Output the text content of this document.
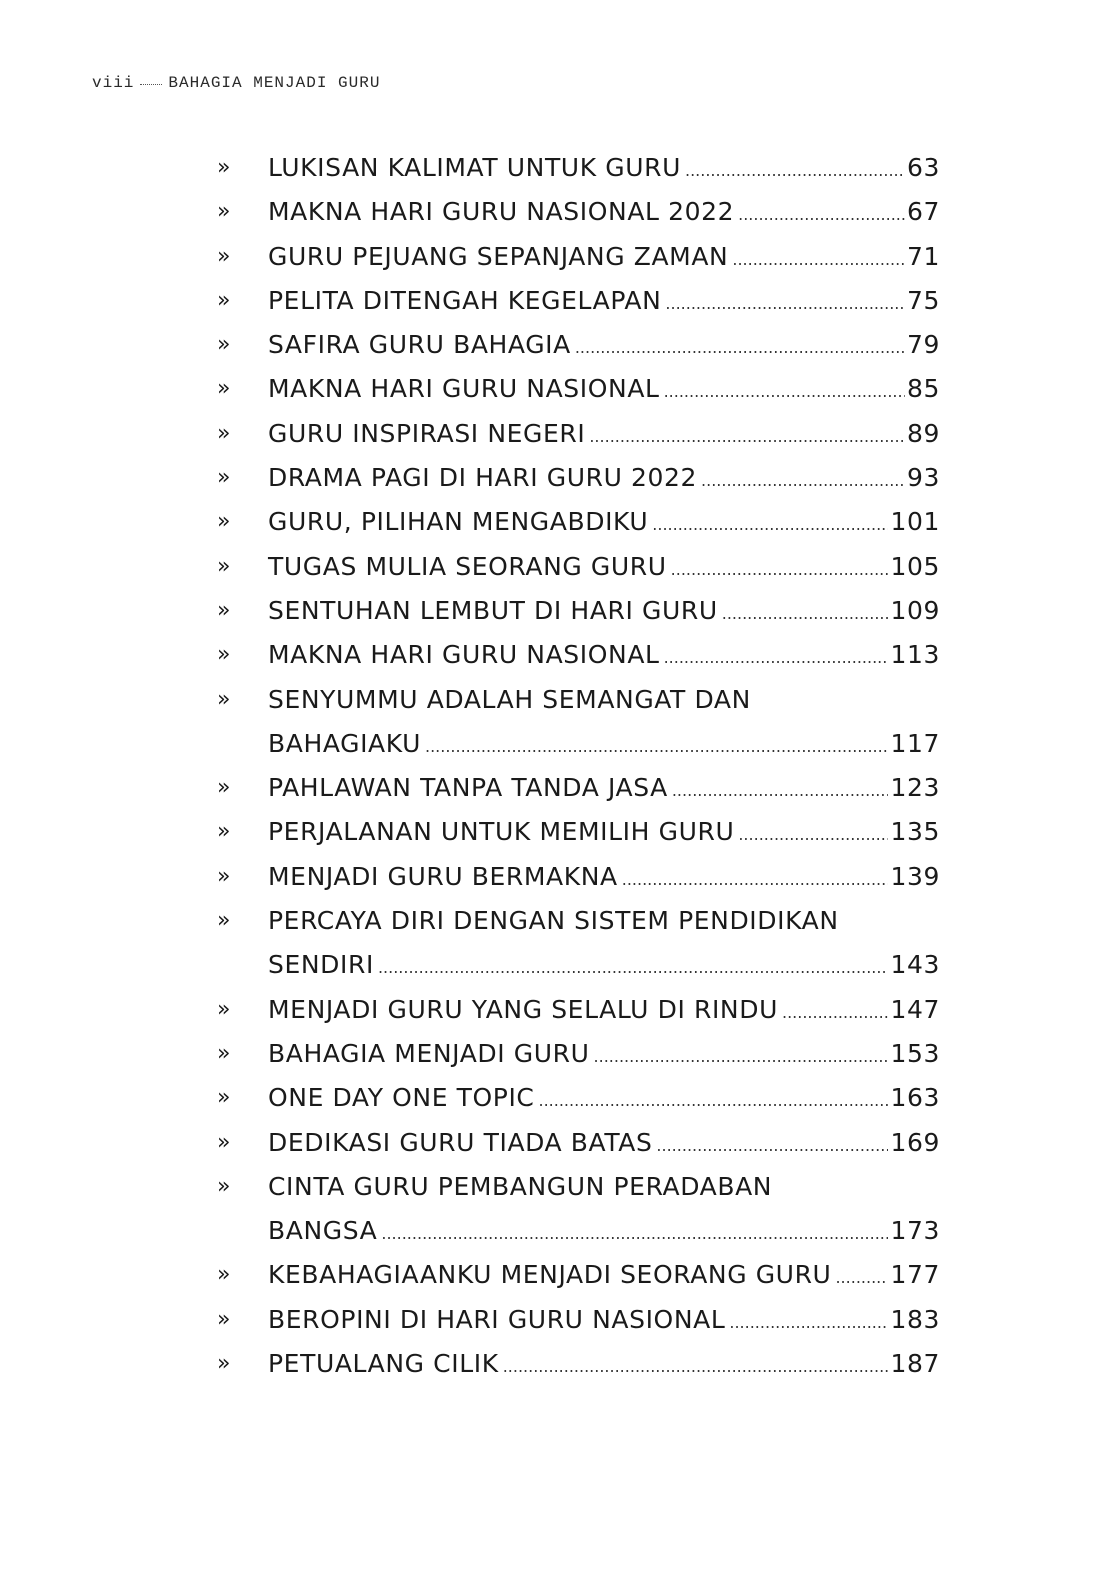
viii BAHAGIA MENJADI GURU
» LUKISAN KALIMAT UNTUK GURU .....	63
» MAKNA HARI GURU NASIONAL 2022 .....	67
» GURU PEJUANG SEPANJANG ZAMAN .....	71
» PELITA DITENGAH KEGELAPAN .....	75
» SAFIRA GURU BAHAGIA .....	79
» MAKNA HARI GURU NASIONAL .....	85
» GURU INSPIRASI NEGERI .....	89
» DRAMA PAGI DI HARI GURU 2022 .....	93
» GURU, PILIHAN MENGABDIKU .....	101
» TUGAS MULIA SEORANG GURU .....	105
» SENTUHAN LEMBUT DI HARI GURU .....	109
» MAKNA HARI GURU NASIONAL .....	113
» SENYUMMU ADALAH SEMANGAT DAN
BAHAGIAKU .....	117
» PAHLAWAN TANPA TANDA JASA .....	123
» PERJALANAN UNTUK MEMILIH GURU .....	135
» MENJADI GURU BERMAKNA .....	139
» PERCAYA DIRI DENGAN SISTEM PENDIDIKAN
SENDIRI .....	143
» MENJADI GURU YANG SELALU DI RINDU .....	147
» BAHAGIA MENJADI GURU .....	153
» ONE DAY ONE TOPIC .....	163
» DEDIKASI GURU TIADA BATAS .....	169
» CINTA GURU PEMBANGUN PERADABAN
BANGSA .....	173
» KEBAHAGIAANKU MENJADI SEORANG GURU ..... 177
» BEROPINI DI HARI GURU NASIONAL .....	183
» PETUALANG CILIK .....	187
